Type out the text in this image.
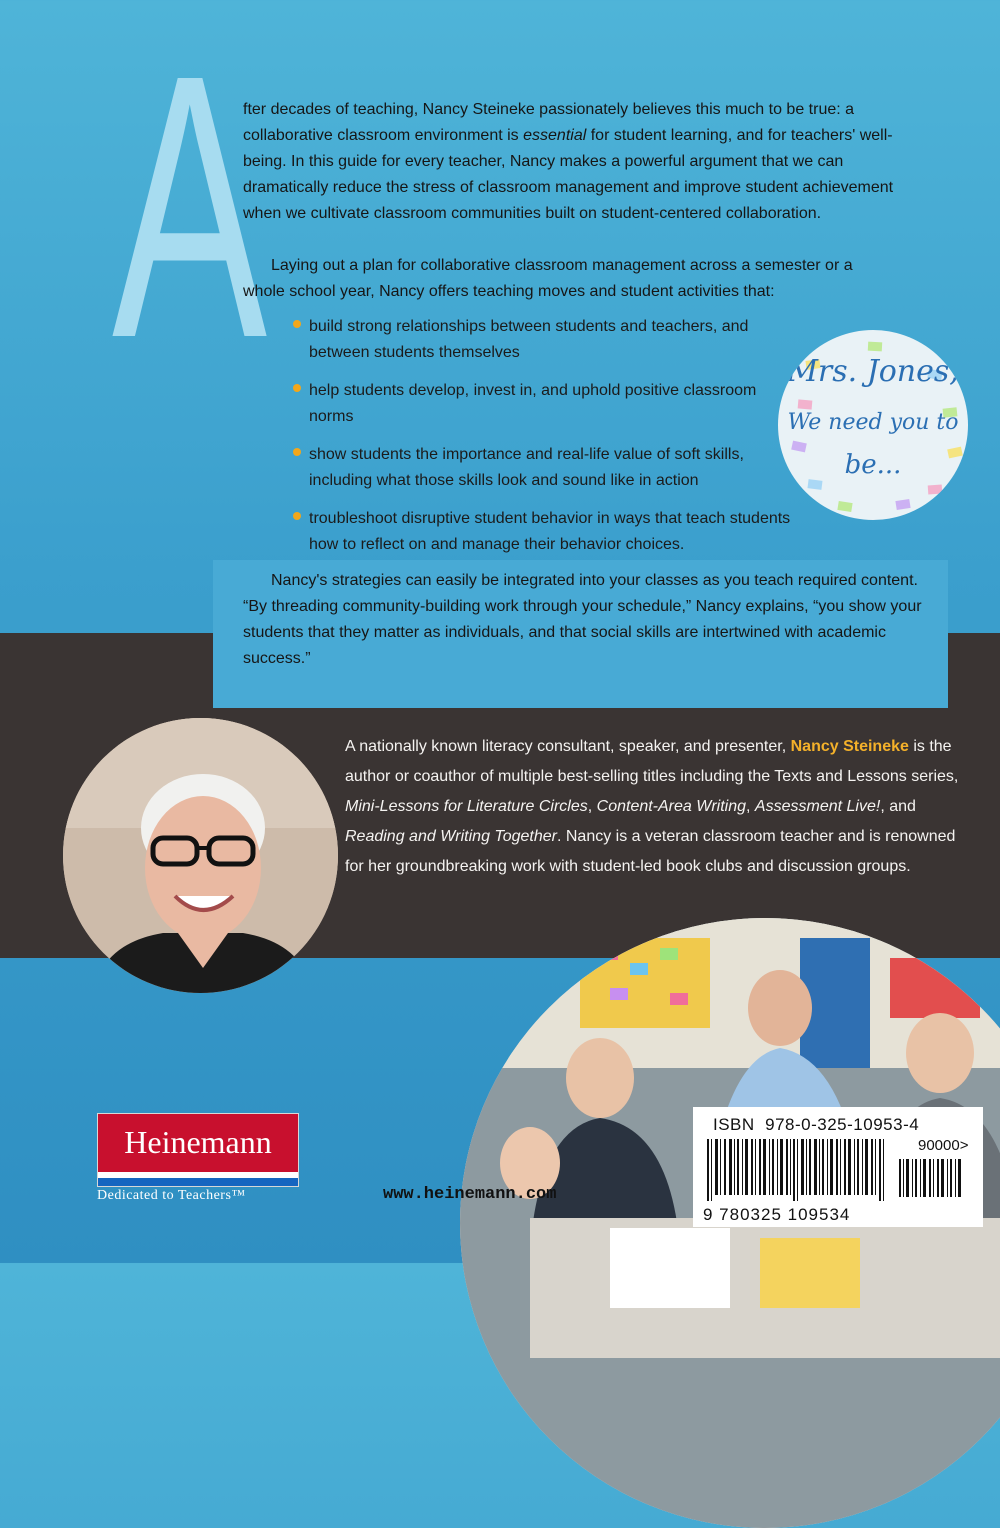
A

fter decades of teaching, Nancy Steineke passionately believes this much to be true: a collaborative classroom environment is essential for student learning, and for teachers' well-being. In this guide for every teacher, Nancy makes a powerful argument that we can dramatically reduce the stress of classroom management and improve student achievement when we cultivate classroom communities built on student-centered collaboration.

Laying out a plan for collaborative classroom management across a semester or a whole school year, Nancy offers teaching moves and student activities that:

build strong relationships between students and teachers, and between students themselves
help students develop, invest in, and uphold positive classroom norms
show students the importance and real-life value of soft skills, including what those skills look and sound like in action
troubleshoot disruptive student behavior in ways that teach students how to reflect on and manage their behavior choices.

Nancy's strategies can easily be integrated into your classes as you teach required content. “By threading community-building work through your schedule,” Nancy explains, “you show your students that they matter as individuals, and that social skills are intertwined with academic success.”

Mrs. Jones,
We need you to
be...

A nationally known literacy consultant, speaker, and presenter, Nancy Steineke is the author or coauthor of multiple best-selling titles including the Texts and Lessons series, Mini-Lessons for Literature Circles, Content-Area Writing, Assessment Live!, and Reading and Writing Together. Nancy is a veteran classroom teacher and is renowned for her groundbreaking work with student-led book clubs and discussion groups.

ISBN  978-0-325-10953-4
90000>
9 780325 109534
Heinemann
Dedicated to Teachers™	www.heinemann.com
